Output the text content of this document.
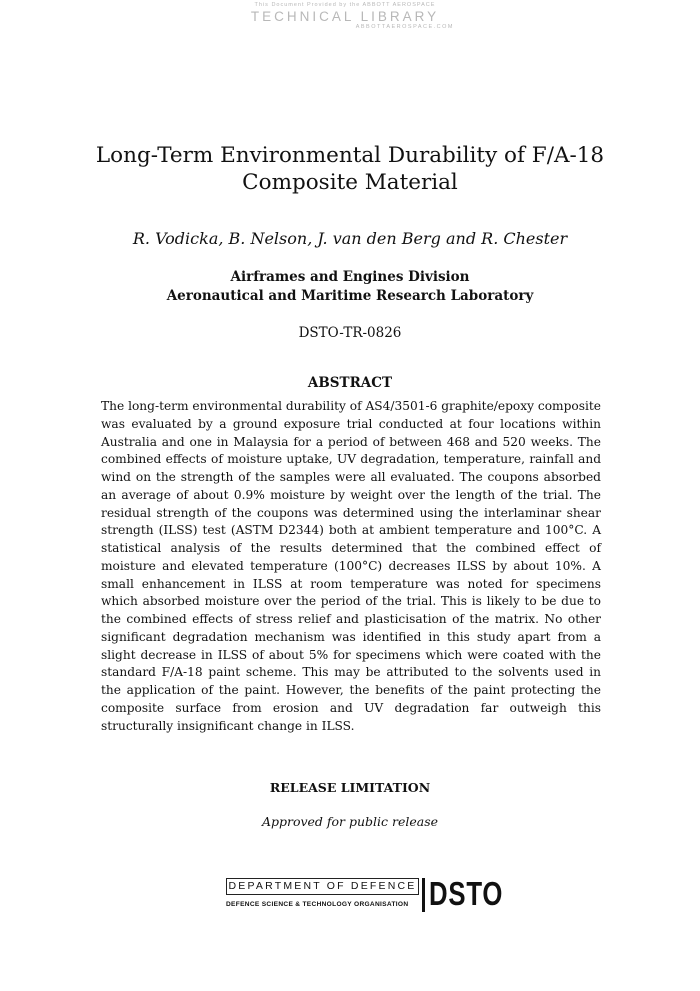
This Document Provided by the ABBOTT AEROSPACE
TECHNICAL LIBRARY
ABBOTTAEROSPACE.COM
Long-Term Environmental Durability of F/A-18
Composite Material
R. Vodicka, B. Nelson, J. van den Berg and R. Chester
Airframes and Engines Division
Aeronautical and Maritime Research Laboratory
DSTO-TR-0826
ABSTRACT

The long-term environmental durability of AS4/3501-6 graphite/epoxy composite was evaluated by a ground exposure trial conducted at four locations within Australia and one in Malaysia for a period of between 468 and 520 weeks. The combined effects of moisture uptake, UV degradation, temperature, rainfall and wind on the strength of the samples were all evaluated. The coupons absorbed an average of about 0.9% moisture by weight over the length of the trial. The residual strength of the coupons was determined using the interlaminar shear strength (ILSS) test (ASTM D2344) both at ambient temperature and 100°C. A statistical analysis of the results determined that the combined effect of moisture and elevated temperature (100°C) decreases ILSS by about 10%. A small enhancement in ILSS at room temperature was noted for specimens which absorbed moisture over the period of the trial. This is likely to be due to the combined effects of stress relief and plasticisation of the matrix. No other significant degradation mechanism was identified in this study apart from a slight decrease in ILSS of about 5% for specimens which were coated with the standard F/A-18 paint scheme. This may be attributed to the solvents used in the application of the paint. However, the benefits of the paint protecting the composite surface from erosion and UV degradation far outweigh this structurally insignificant change in ILSS.

RELEASE LIMITATION
Approved for public release
DEPARTMENT OF DEFENCE
DEFENCE SCIENCE & TECHNOLOGY ORGANISATION DSTO
